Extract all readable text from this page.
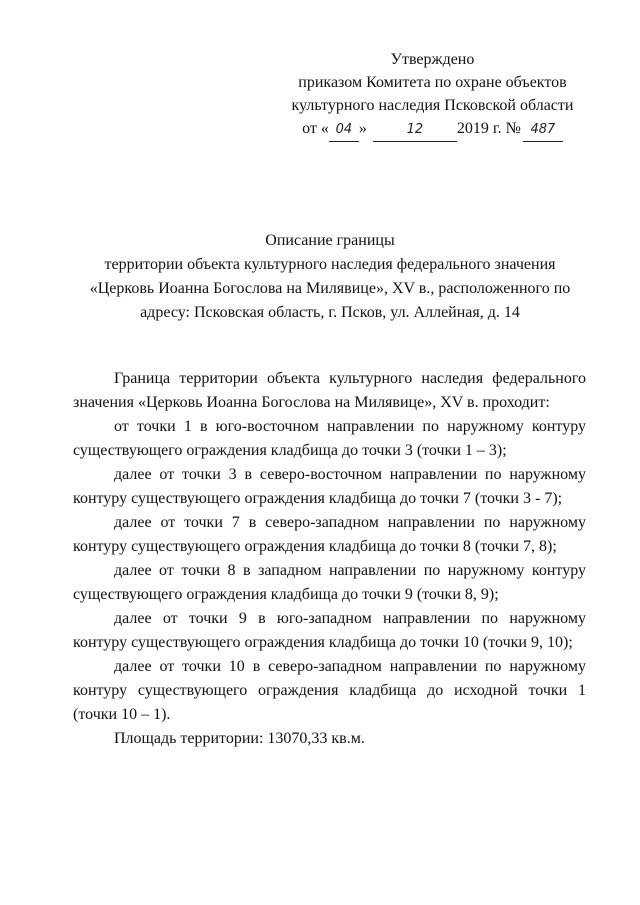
Утверждено
приказом Комитета по охране объектов
культурного наследия Псковской области
от « 04 »	12 2019 г. № 487
Описание границы
территории объекта культурного наследия федерального значения
«Церковь Иоанна Богослова на Милявице», XV в., расположенного по
адресу: Псковская область, г. Псков, ул. Аллейная, д. 14

Граница территории объекта культурного наследия федерального значения «Церковь Иоанна Богослова на Милявице», XV в. проходит:

от точки 1 в юго-восточном направлении по наружному контуру существующего ограждения кладбища до точки 3 (точки 1 – 3);

далее от точки 3 в северо-восточном направлении по наружному контуру существующего ограждения кладбища до точки 7 (точки 3 - 7);

далее от точки 7 в северо-западном направлении по наружному контуру существующего ограждения кладбища до точки 8 (точки 7, 8);

далее от точки 8 в западном направлении по наружному контуру существующего ограждения кладбища до точки 9 (точки 8, 9);

далее от точки 9 в юго-западном направлении по наружному контуру существующего ограждения кладбища до точки 10 (точки 9, 10);

далее от точки 10 в северо-западном направлении по наружному контуру существующего ограждения кладбища до исходной точки 1 (точки 10 – 1).

Площадь территории: 13070,33 кв.м.
